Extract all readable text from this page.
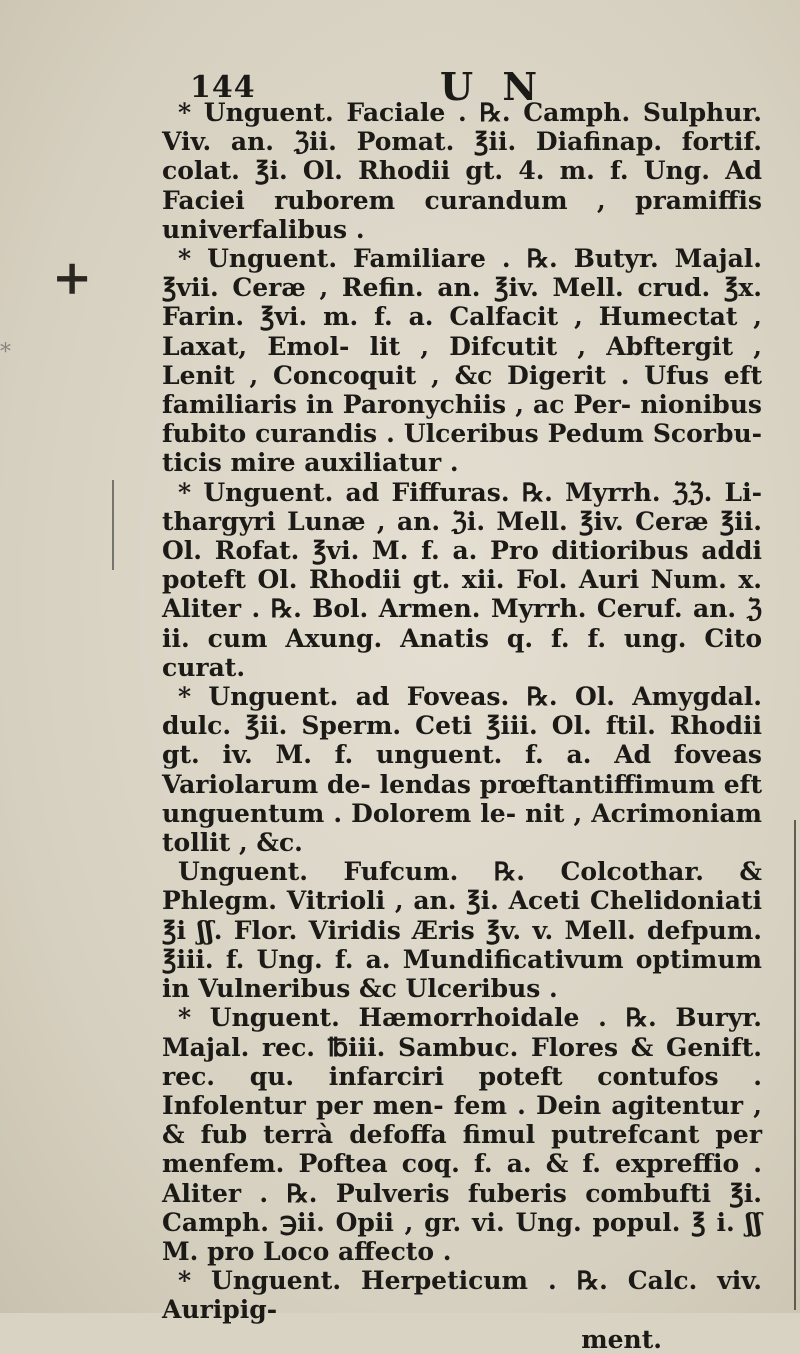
144	U N
+
*

* Unguent. Faciale . ℞. Camph. Sulphur. Viv. an. ℨii. Pomat. ℥ii. Diafinap. fortif. colat. ℥i. Ol. Rhodii gt. 4. m. f. Ung. Ad Faciei ruborem curandum , pramiffis univerfalibus .

* Unguent. Familiare . ℞. Butyr. Majal. ℥vii. Ceræ , Refin. an. ℥iv. Mell. crud. ℥x. Farin. ℥vi. m. f. a. Calfacit , Humectat , Laxat, Emol- lit , Difcutit , Abftergit , Lenit , Concoquit , &c Digerit . Ufus eft familiaris in Paronychiis , ac Per- nionibus fubito curandis . Ulceribus Pedum Scorbu- ticis mire auxiliatur .

* Unguent. ad Fiffuras. ℞. Myrrh. ℨℨ. Li- thargyri Lunæ , an. ℨi. Mell. ℥iv. Ceræ ℥ii. Ol. Rofat. ℥vi. M. f. a. Pro ditioribus addi poteft Ol. Rhodii gt. xii. Fol. Auri Num. x. Aliter . ℞. Bol. Armen. Myrrh. Ceruf. an. ℨ ii. cum Axung. Anatis q. f. f. ung. Cito curat.

* Unguent. ad Foveas. ℞. Ol. Amygdal. dulc. ℥ii. Sperm. Ceti ℥iii. Ol. ftil. Rhodii gt. iv. M. f. unguent. f. a. Ad foveas Variolarum de- lendas prœftantiffimum eft unguentum . Dolorem le- nit , Acrimoniam tollit , &c.

Unguent. Fufcum. ℞. Colcothar. & Phlegm. Vitrioli , an. ℥i. Aceti Chelidoniati ℥i ʃʃ. Flor. Viridis Æris ℥v. v. Mell. defpum. ℥iii. f. Ung. f. a. Mundificativum optimum in Vulneribus &c Ulceribus .

* Unguent. Hæmorrhoidale . ℞. Buryr. Majal. rec. ℔iii. Sambuc. Flores & Genift. rec. qu. infarciri poteft contufos . Infolentur per men- fem . Dein agitentur , & fub terrà defoffa fimul putrefcant per menfem. Poftea coq. f. a. & f. expreffio . Aliter . ℞. Pulveris fuberis combufti ℥i. Camph. ℈ii. Opii , gr. vi. Ung. popul. ℥ i. ʃʃ M. pro Loco affecto .

* Unguent. Herpeticum . ℞. Calc. viv. Auripig-

ment.
